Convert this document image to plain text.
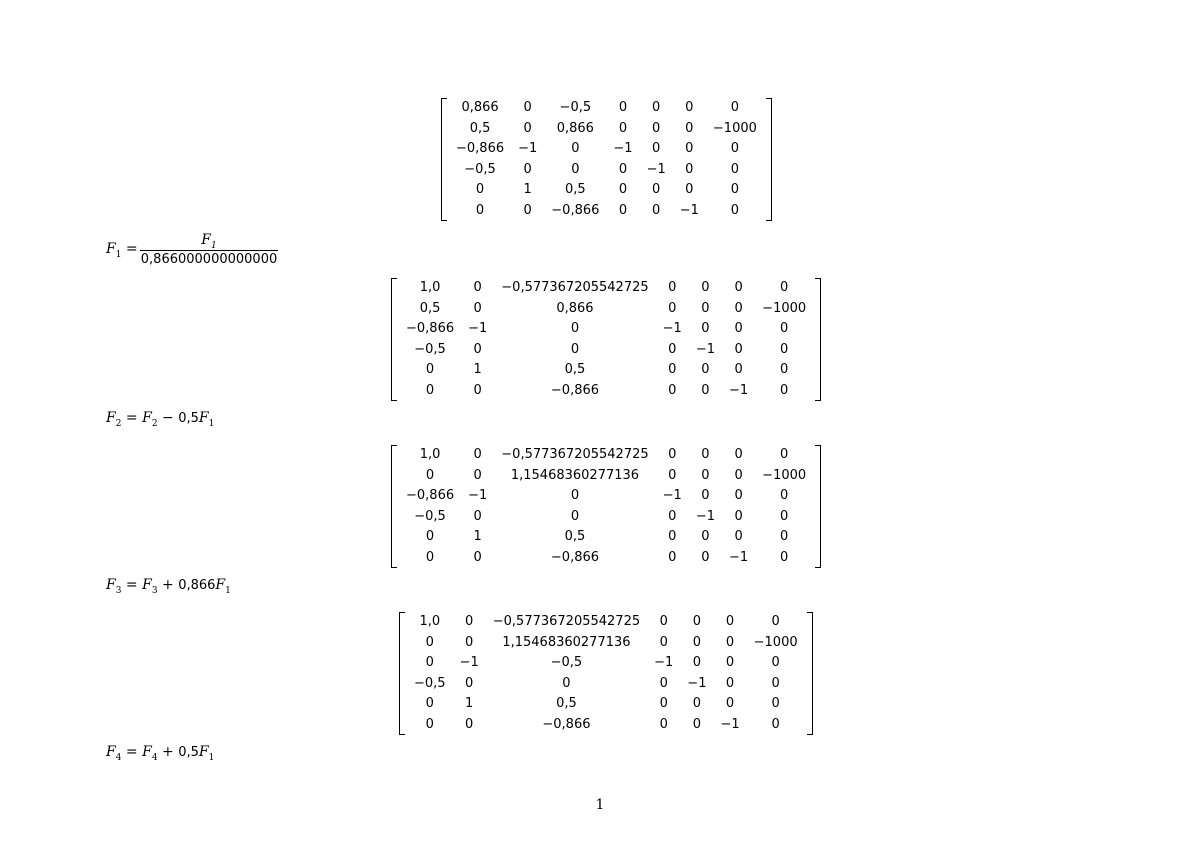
0,866	0	−0,5	0	0	0	0
0,5	0	0,866	0	0	0	−1000
−0,866	−1	0	−1	0	0	0
−0,5	0	0	0	−1	0	0
0	1	0,5	0	0	0	0
0	0	−0,866	0	0	−1	0
$F_1$ =
$F_1$
0,866000000000000
1,0	0	−0,577367205542725	0	0	0	0
0,5	0	0,866	0	0	0	−1000
−0,866	−1	0	−1	0	0	0
−0,5	0	0	0	−1	0	0
0	1	0,5	0	0	0	0
0	0	−0,866	0	0	−1	0
$F_2 = F_2 - 0,5F_1$
1,0	0	−0,577367205542725	0	0	0	0
0	0	1,15468360277136	0	0	0	−1000
−0,866	−1	0	−1	0	0	0
−0,5	0	0	0	−1	0	0
0	1	0,5	0	0	0	0
0	0	−0,866	0	0	−1	0
$F_3 = F_3 + 0,866F_1$
1,0	0	−0,577367205542725	0	0	0	0
0	0	1,15468360277136	0	0	0	−1000
0	−1	−0,5	−1	0	0	0
−0,5	0	0	0	−1	0	0
0	1	0,5	0	0	0	0
0	0	−0,866	0	0	−1	0
$F_4 = F_4 + 0,5F_1$
1
